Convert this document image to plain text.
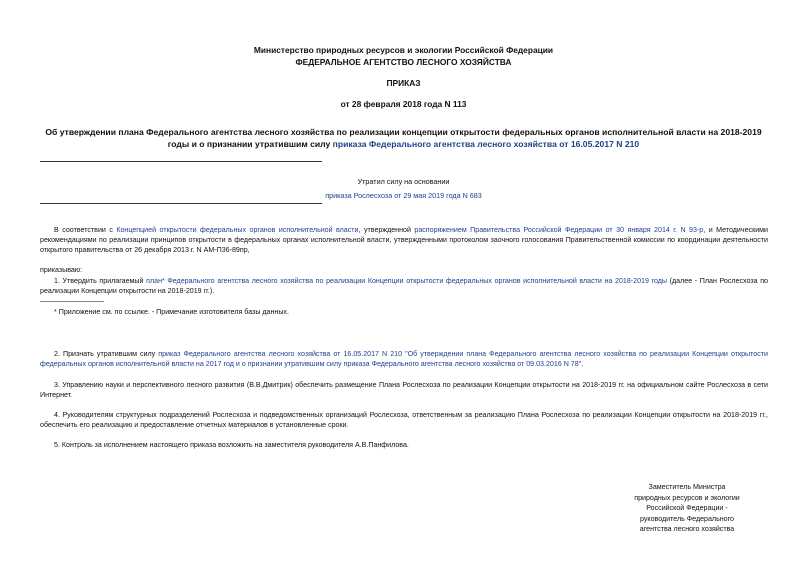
Министерство природных ресурсов и экологии Российской Федерации
ФЕДЕРАЛЬНОЕ АГЕНТСТВО ЛЕСНОГО ХОЗЯЙСТВА
ПРИКАЗ
от 28 февраля 2018 года N 113
Об утверждении плана Федерального агентства лесного хозяйства по реализации концепции открытости федеральных органов исполнительной власти на 2018-2019 годы и о признании утратившим силу приказа Федерального агентства лесного хозяйства от 16.05.2017 N 210
Утратил силу на основании
приказа Рослесхоза от 29 мая 2019 года N 683
В соответствии с Концепцией открытости федеральных органов исполнительной власти, утвержденной распоряжением Правительства Российской Федерации от 30 января 2014 г. N 93-р, и Методическими рекомендациями по реализации принципов открытости в федеральных органах исполнительной власти, утвержденными протоколом заочного голосования Правительственной комиссии по координации деятельности открытого правительства от 26 декабря 2013 г. N АМ-П36-89пр,
приказываю:
1. Утвердить прилагаемый план* Федерального агентства лесного хозяйства по реализации Концепции открытости федеральных органов исполнительной власти на 2018-2019 годы (далее - План Рослесхоза по реализации Концепции открытости на 2018-2019 гг.).
* Приложение см. по ссылке. - Примечание изготовителя базы данных.
2. Признать утратившим силу приказ Федерального агентства лесного хозяйства от 16.05.2017 N 210 "Об утверждении плана Федерального агентства лесного хозяйства по реализации Концепции открытости федеральных органов исполнительной власти на 2017 год и о признании утратившим силу приказа Федерального агентства лесного хозяйства от 09.03.2016 N 78".
3. Управлению науки и перспективного лесного развития (В.В.Дмитрик) обеспечить размещение Плана Рослесхоза по реализации Концепции открытости на 2018-2019 гг. на официальном сайте Рослесхоза в сети Интернет.
4. Руководителям структурных подразделений Рослесхоза и подведомственных организаций Рослесхоза, ответственным за реализацию Плана Рослесхоза по реализации Концепции открытости на 2018-2019 гг., обеспечить его реализацию и предоставление отчетных материалов в установленные сроки.
5. Контроль за исполнением настоящего приказа возложить на заместителя руководителя А.В.Панфилова.
Заместитель Министра
природных ресурсов и экологии
Российской Федерации -
руководитель Федерального
агентства лесного хозяйства
